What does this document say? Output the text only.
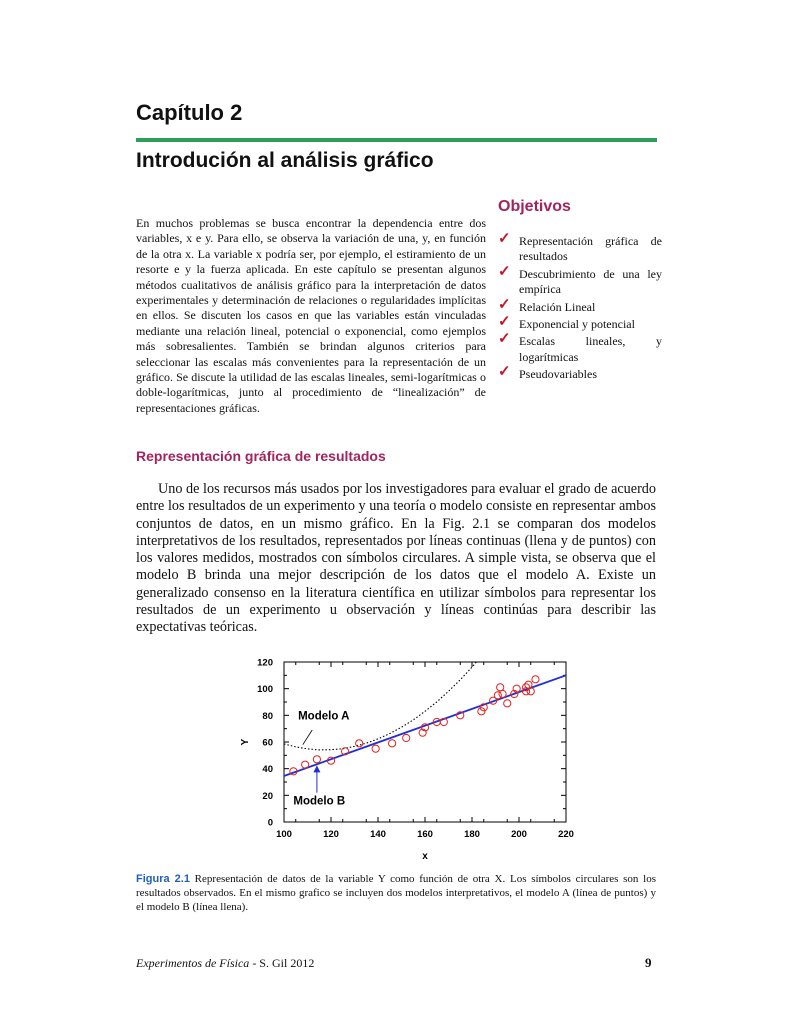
Capítulo 2
Introdución al análisis gráfico
En muchos problemas se busca encontrar la dependencia entre dos variables, x e y. Para ello, se observa la variación de una, y, en función de la otra x. La variable x podría ser, por ejemplo, el estiramiento de un resorte e y la fuerza aplicada. En este capítulo se presentan algunos métodos cualitativos de análisis gráfico para la interpretación de datos experimentales y determinación de relaciones o regularidades implícitas en ellos. Se discuten los casos en que las variables están vinculadas mediante una relación lineal, potencial o exponencial, como ejemplos más sobresalientes. También se brindan algunos criterios para seleccionar las escalas más convenientes para la representación de un gráfico. Se discute la utilidad de las escalas lineales, semi-logarítmicas o doble-logarítmicas, junto al procedimiento de “linealización” de representaciones gráficas.
Objetivos
✓ Representación gráfica de resultados
✓ Descubrimiento de una ley empírica
✓ Relación Lineal
✓ Exponencial y potencial
✓ Escalas lineales, y logarítmicas
✓ Pseudovariables
Representación gráfica de resultados
Uno de los recursos más usados por los investigadores para evaluar el grado de acuerdo entre los resultados de un experimento y una teoría o modelo consiste en representar ambos conjuntos de datos, en un mismo gráfico. En la Fig. 2.1 se comparan dos modelos interpretativos de los resultados, representados por líneas continuas (llena y de puntos) con los valores medidos, mostrados con símbolos circulares. A simple vista, se observa que el modelo B brinda una mejor descripción de los datos que el modelo A. Existe un generalizado consenso en la literatura científica en utilizar símbolos para representar los resultados de un experimento u observación y líneas continúas para describir las expectativas teóricas.
100	120	140	160	180	200	220
0
20
40
60
80
100
120
x
Y
Modelo A
Modelo B
Figura 2.1 Representación de datos de la variable Y como función de otra X. Los símbolos circulares son los resultados observados. En el mismo grafico se incluyen dos modelos interpretativos, el modelo A (línea de puntos) y el modelo B (línea llena).
Experimentos de Física - S. Gil 2012	9
